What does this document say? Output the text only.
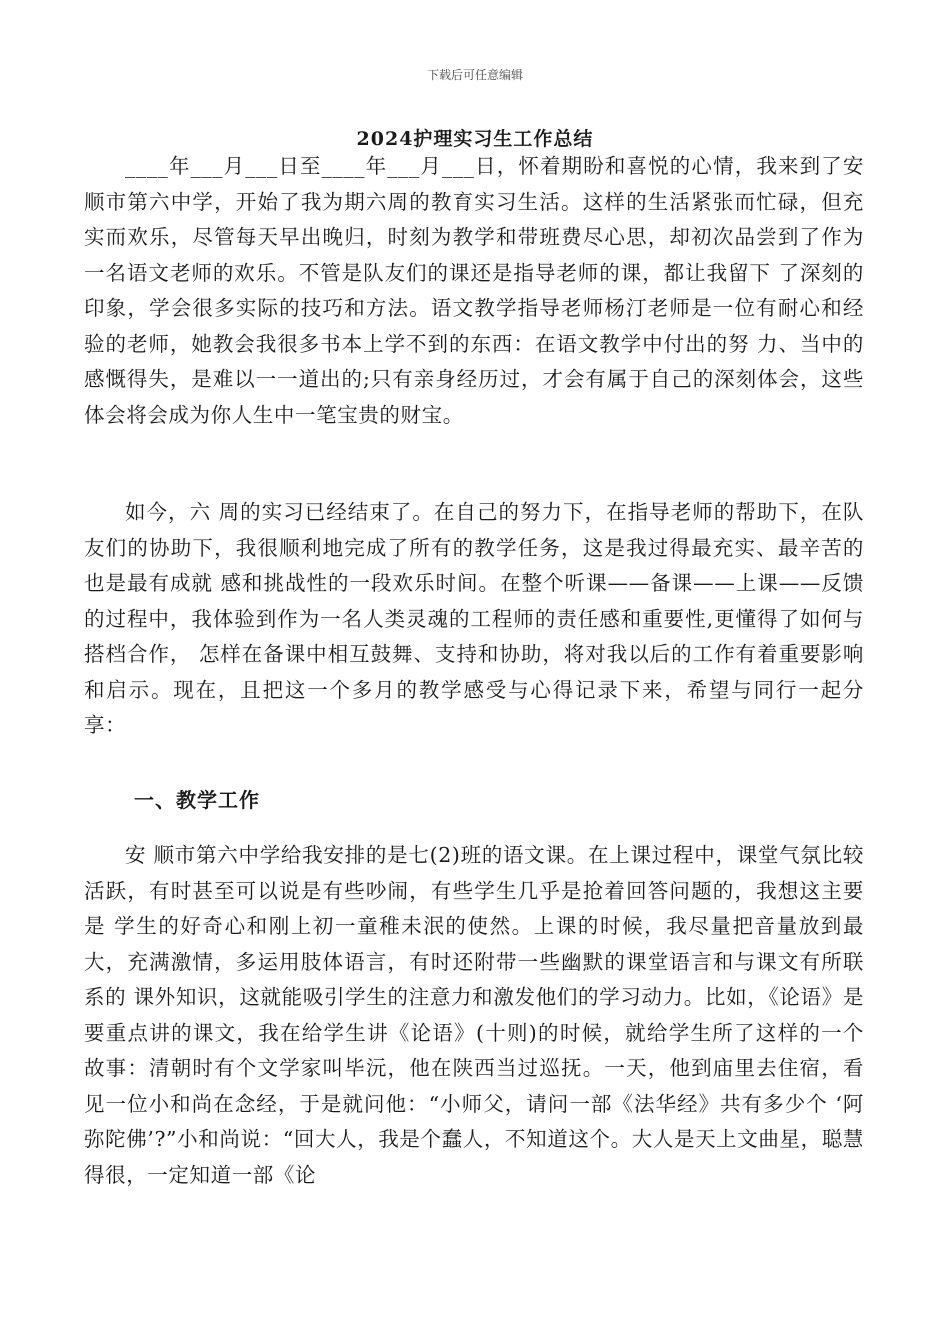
下载后可任意编辑
2024护理实习生工作总结

____年___月___日至____年___月___日，怀着期盼和喜悦的心情，我来到了安顺市第六中学，开始了我为期六周的教育实习生活。这样的生活紧张而忙碌，但充实而欢乐，尽管每天早出晚归，时刻为教学和带班费尽心思，却初次品尝到了作为一名语文老师的欢乐。不管是队友们的课还是指导老师的课，都让我留下 了深刻的印象，学会很多实际的技巧和方法。语文教学指导老师杨汀老师是一位有耐心和经验的老师，她教会我很多书本上学不到的东西：在语文教学中付出的努 力、当中的感慨得失，是难以一一道出的;只有亲身经历过，才会有属于自己的深刻体会，这些体会将会成为你人生中一笔宝贵的财宝。

如今，六 周的实习已经结束了。在自己的努力下，在指导老师的帮助下，在队友们的协助下，我很顺利地完成了所有的教学任务，这是我过得最充实、最辛苦的也是最有成就 感和挑战性的一段欢乐时间。在整个听课——备课——上课——反馈的过程中，我体验到作为一名人类灵魂的工程师的责任感和重要性,更懂得了如何与搭档合作， 怎样在备课中相互鼓舞、支持和协助，将对我以后的工作有着重要影响和启示。现在，且把这一个多月的教学感受与心得记录下来，希望与同行一起分享：

一、教学工作

安 顺市第六中学给我安排的是七(2)班的语文课。在上课过程中，课堂气氛比较活跃，有时甚至可以说是有些吵闹，有些学生几乎是抢着回答问题的，我想这主要是 学生的好奇心和刚上初一童稚未泯的使然。上课的时候，我尽量把音量放到最大，充满激情，多运用肢体语言，有时还附带一些幽默的课堂语言和与课文有所联系的 课外知识，这就能吸引学生的注意力和激发他们的学习动力。比如，《论语》是要重点讲的课文，我在给学生讲《论语》(十则)的时候，就给学生所了这样的一个 故事：清朝时有个文学家叫毕沅，他在陕西当过巡抚。一天，他到庙里去住宿，看见一位小和尚在念经，于是就问他：“小师父，请问一部《法华经》共有多少个 ‘阿弥陀佛’?”小和尚说：“回大人，我是个蠢人，不知道这个。大人是天上文曲星，聪慧得很，一定知道一部《论
